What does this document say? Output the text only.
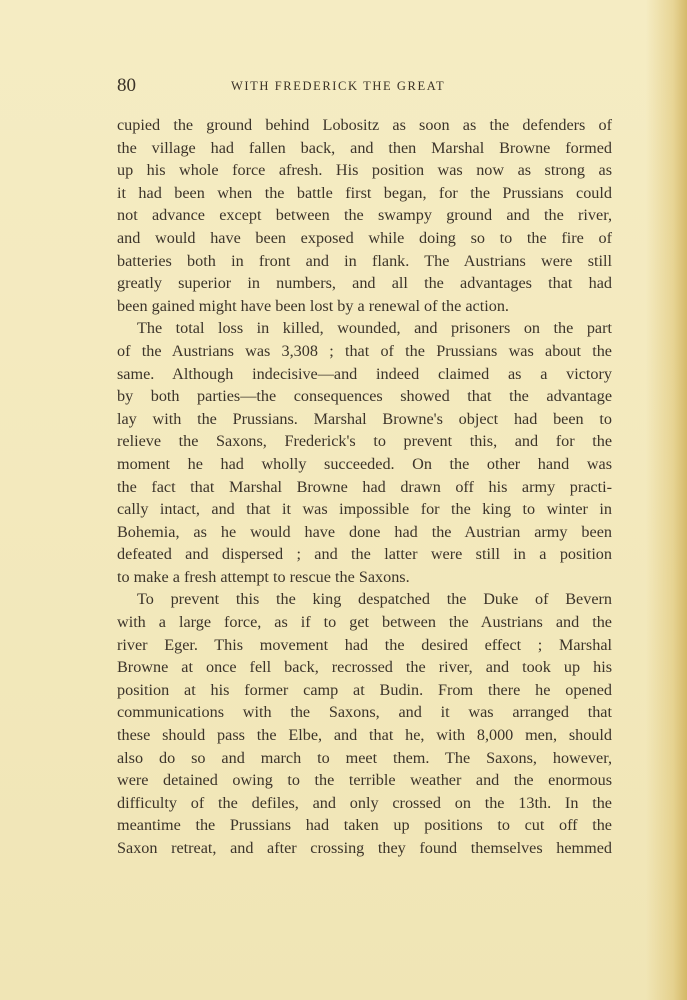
80	WITH FREDERICK THE GREAT
cupied the ground behind Lobositz as soon as the defenders of
the village had fallen back, and then Marshal Browne formed
up his whole force afresh. His position was now as strong as
it had been when the battle first began, for the Prussians could
not advance except between the swampy ground and the river,
and would have been exposed while doing so to the fire of
batteries both in front and in flank. The Austrians were still
greatly superior in numbers, and all the advantages that had
been gained might have been lost by a renewal of the action.
The total loss in killed, wounded, and prisoners on the part
of the Austrians was 3,308 ; that of the Prussians was about the
same. Although indecisive—and indeed claimed as a victory
by both parties—the consequences showed that the advantage
lay with the Prussians. Marshal Browne's object had been to
relieve the Saxons, Frederick's to prevent this, and for the
moment he had wholly succeeded. On the other hand was
the fact that Marshal Browne had drawn off his army practi-
cally intact, and that it was impossible for the king to winter in
Bohemia, as he would have done had the Austrian army been
defeated and dispersed ; and the latter were still in a position
to make a fresh attempt to rescue the Saxons.
To prevent this the king despatched the Duke of Bevern
with a large force, as if to get between the Austrians and the
river Eger. This movement had the desired effect ; Marshal
Browne at once fell back, recrossed the river, and took up his
position at his former camp at Budin. From there he opened
communications with the Saxons, and it was arranged that
these should pass the Elbe, and that he, with 8,000 men, should
also do so and march to meet them. The Saxons, however,
were detained owing to the terrible weather and the enormous
difficulty of the defiles, and only crossed on the 13th. In the
meantime the Prussians had taken up positions to cut off the
Saxon retreat, and after crossing they found themselves hemmed
